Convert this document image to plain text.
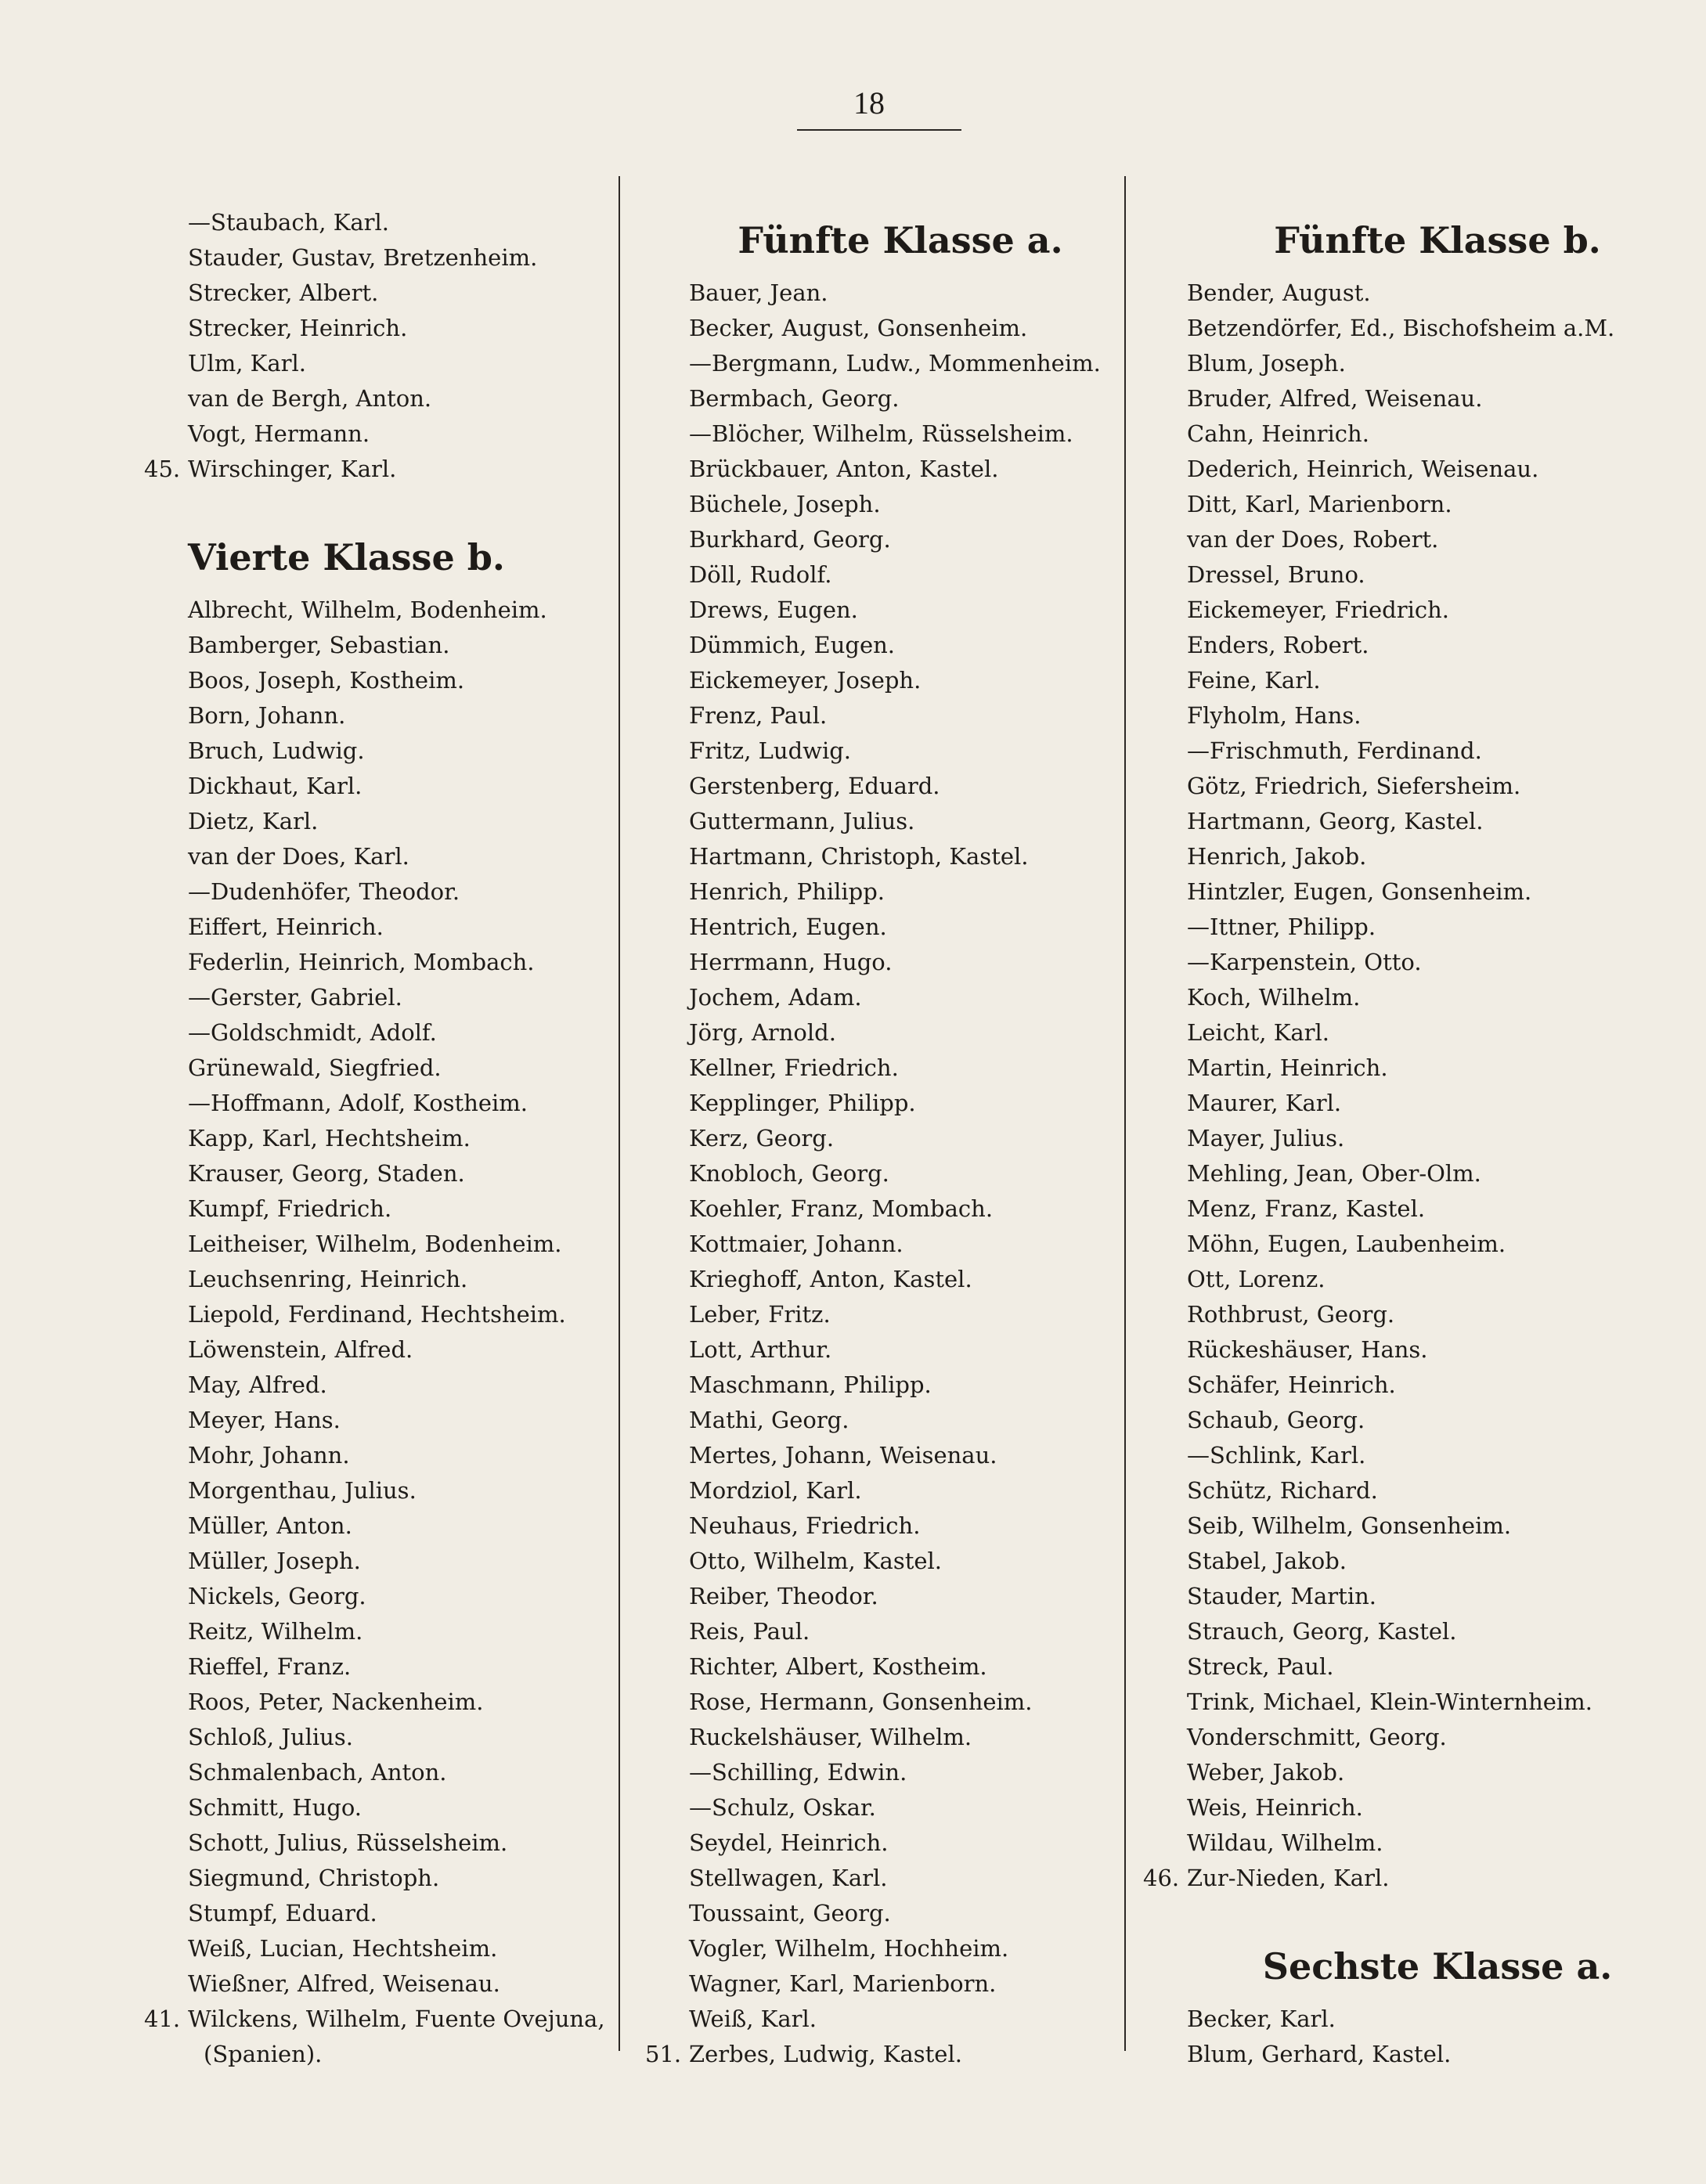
18
—Staubach, Karl.
Stauder, Gustav, Bretzenheim.
Strecker, Albert.
Strecker, Heinrich.
Ulm, Karl.
van de Bergh, Anton.
Vogt, Hermann.
45. Wirschinger, Karl.
Vierte Klasse b.
Albrecht, Wilhelm, Bodenheim.
Bamberger, Sebastian.
Boos, Joseph, Kostheim.
Born, Johann.
Bruch, Ludwig.
Dickhaut, Karl.
Dietz, Karl.
van der Does, Karl.
—Dudenhöfer, Theodor.
Eiffert, Heinrich.
Federlin, Heinrich, Mombach.
—Gerster, Gabriel.
—Goldschmidt, Adolf.
Grünewald, Siegfried.
—Hoffmann, Adolf, Kostheim.
Kapp, Karl, Hechtsheim.
Krauser, Georg, Staden.
Kumpf, Friedrich.
Leitheiser, Wilhelm, Bodenheim.
Leuchsenring, Heinrich.
Liepold, Ferdinand, Hechtsheim.
Löwenstein, Alfred.
May, Alfred.
Meyer, Hans.
Mohr, Johann.
Morgenthau, Julius.
Müller, Anton.
Müller, Joseph.
Nickels, Georg.
Reitz, Wilhelm.
Rieffel, Franz.
Roos, Peter, Nackenheim.
Schloß, Julius.
Schmalenbach, Anton.
Schmitt, Hugo.
Schott, Julius, Rüsselsheim.
Siegmund, Christoph.
Stumpf, Eduard.
Weiß, Lucian, Hechtsheim.
Wießner, Alfred, Weisenau.
41. Wilckens, Wilhelm, Fuente Ovejuna,
(Spanien).
Fünfte Klasse a.
Bauer, Jean.
Becker, August, Gonsenheim.
—Bergmann, Ludw., Mommenheim.
Bermbach, Georg.
—Blöcher, Wilhelm, Rüsselsheim.
Brückbauer, Anton, Kastel.
Büchele, Joseph.
Burkhard, Georg.
Döll, Rudolf.
Drews, Eugen.
Dümmich, Eugen.
Eickemeyer, Joseph.
Frenz, Paul.
Fritz, Ludwig.
Gerstenberg, Eduard.
Guttermann, Julius.
Hartmann, Christoph, Kastel.
Henrich, Philipp.
Hentrich, Eugen.
Herrmann, Hugo.
Jochem, Adam.
Jörg, Arnold.
Kellner, Friedrich.
Kepplinger, Philipp.
Kerz, Georg.
Knobloch, Georg.
Koehler, Franz, Mombach.
Kottmaier, Johann.
Krieghoff, Anton, Kastel.
Leber, Fritz.
Lott, Arthur.
Maschmann, Philipp.
Mathi, Georg.
Mertes, Johann, Weisenau.
Mordziol, Karl.
Neuhaus, Friedrich.
Otto, Wilhelm, Kastel.
Reiber, Theodor.
Reis, Paul.
Richter, Albert, Kostheim.
Rose, Hermann, Gonsenheim.
Ruckelshäuser, Wilhelm.
—Schilling, Edwin.
—Schulz, Oskar.
Seydel, Heinrich.
Stellwagen, Karl.
Toussaint, Georg.
Vogler, Wilhelm, Hochheim.
Wagner, Karl, Marienborn.
Weiß, Karl.
51. Zerbes, Ludwig, Kastel.
Fünfte Klasse b.
Bender, August.
Betzendörfer, Ed., Bischofsheim a.M.
Blum, Joseph.
Bruder, Alfred, Weisenau.
Cahn, Heinrich.
Dederich, Heinrich, Weisenau.
Ditt, Karl, Marienborn.
van der Does, Robert.
Dressel, Bruno.
Eickemeyer, Friedrich.
Enders, Robert.
Feine, Karl.
Flyholm, Hans.
—Frischmuth, Ferdinand.
Götz, Friedrich, Siefersheim.
Hartmann, Georg, Kastel.
Henrich, Jakob.
Hintzler, Eugen, Gonsenheim.
—Ittner, Philipp.
—Karpenstein, Otto.
Koch, Wilhelm.
Leicht, Karl.
Martin, Heinrich.
Maurer, Karl.
Mayer, Julius.
Mehling, Jean, Ober-Olm.
Menz, Franz, Kastel.
Möhn, Eugen, Laubenheim.
Ott, Lorenz.
Rothbrust, Georg.
Rückeshäuser, Hans.
Schäfer, Heinrich.
Schaub, Georg.
—Schlink, Karl.
Schütz, Richard.
Seib, Wilhelm, Gonsenheim.
Stabel, Jakob.
Stauder, Martin.
Strauch, Georg, Kastel.
Streck, Paul.
Trink, Michael, Klein-Winternheim.
Vonderschmitt, Georg.
Weber, Jakob.
Weis, Heinrich.
Wildau, Wilhelm.
46. Zur-Nieden, Karl.
Sechste Klasse a.
Becker, Karl.
Blum, Gerhard, Kastel.
